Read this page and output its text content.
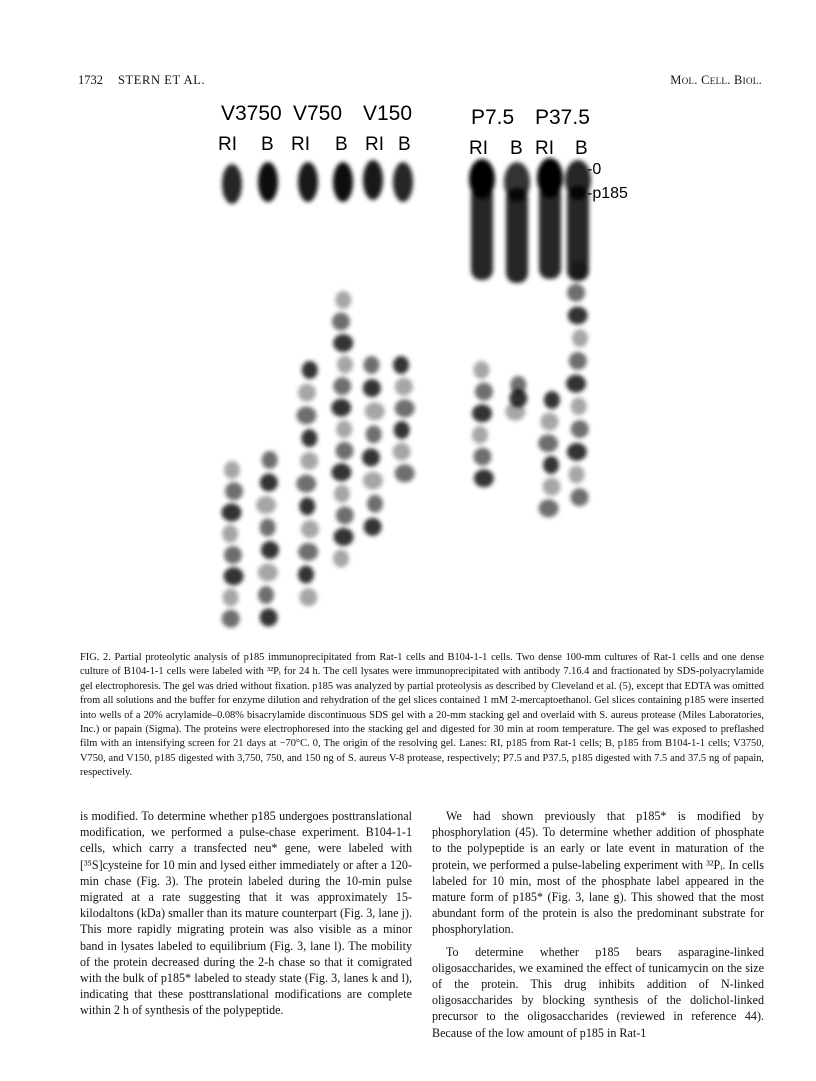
1732 STERN ET AL.	Mol. Cell. Biol.
V3750 V750 V150	P7.5 P37.5
RI B RI B RI B	RI B RI B
-0
-p185

FIG. 2. Partial proteolytic analysis of p185 immunoprecipitated from Rat-1 cells and B104-1-1 cells. Two dense 100-mm cultures of Rat-1 cells and one dense culture of B104-1-1 cells were labeled with ³²Pᵢ for 24 h. The cell lysates were immunoprecipitated with antibody 7.16.4 and fractionated by SDS-polyacrylamide gel electrophoresis. The gel was dried without fixation. p185 was analyzed by partial proteolysis as described by Cleveland et al. (5), except that EDTA was omitted from all solutions and the buffer for enzyme dilution and rehydration of the gel slices contained 1 mM 2-mercaptoethanol. Gel slices containing p185 were inserted into wells of a 20% acrylamide–0.08% bisacrylamide discontinuous SDS gel with a 20-mm stacking gel and overlaid with S. aureus protease (Miles Laboratories, Inc.) or papain (Sigma). The proteins were electrophoresed into the stacking gel and digested for 30 min at room temperature. The gel was exposed to preflashed film with an intensifying screen for 21 days at −70°C. 0, The origin of the resolving gel. Lanes: RI, p185 from Rat-1 cells; B, p185 from B104-1-1 cells; V3750, V750, and V150, p185 digested with 3,750, 750, and 150 ng of S. aureus V-8 protease, respectively; P7.5 and P37.5, p185 digested with 7.5 and 37.5 ng of papain, respectively.

is modified. To determine whether p185 undergoes posttranslational modification, we performed a pulse-chase experiment. B104-1-1 cells, which carry a transfected neu* gene, were labeled with [³⁵S]cysteine for 10 min and lysed either immediately or after a 120-min chase (Fig. 3). The protein labeled during the 10-min pulse migrated at a rate suggesting that it was approximately 15-kilodaltons (kDa) smaller than its mature counterpart (Fig. 3, lane j). This more rapidly migrating protein was also visible as a minor band in lysates labeled to equilibrium (Fig. 3, lane l). The mobility of the protein decreased during the 2-h chase so that it comigrated with the bulk of p185* labeled to steady state (Fig. 3, lanes k and l), indicating that these posttranslational modifications are complete within 2 h of synthesis of the polypeptide.

We had shown previously that p185* is modified by phosphorylation (45). To determine whether addition of phosphate to the polypeptide is an early or late event in maturation of the protein, we performed a pulse-labeling experiment with ³²Pᵢ. In cells labeled for 10 min, most of the phosphate label appeared in the mature form of p185* (Fig. 3, lane g). This showed that the most abundant form of the protein is also the predominant substrate for phosphorylation.

To determine whether p185 bears asparagine-linked oligosaccharides, we examined the effect of tunicamycin on the size of the protein. This drug inhibits addition of N-linked oligosaccharides by blocking synthesis of the dolichol-linked precursor to the oligosaccharides (reviewed in reference 44). Because of the low amount of p185 in Rat-1
